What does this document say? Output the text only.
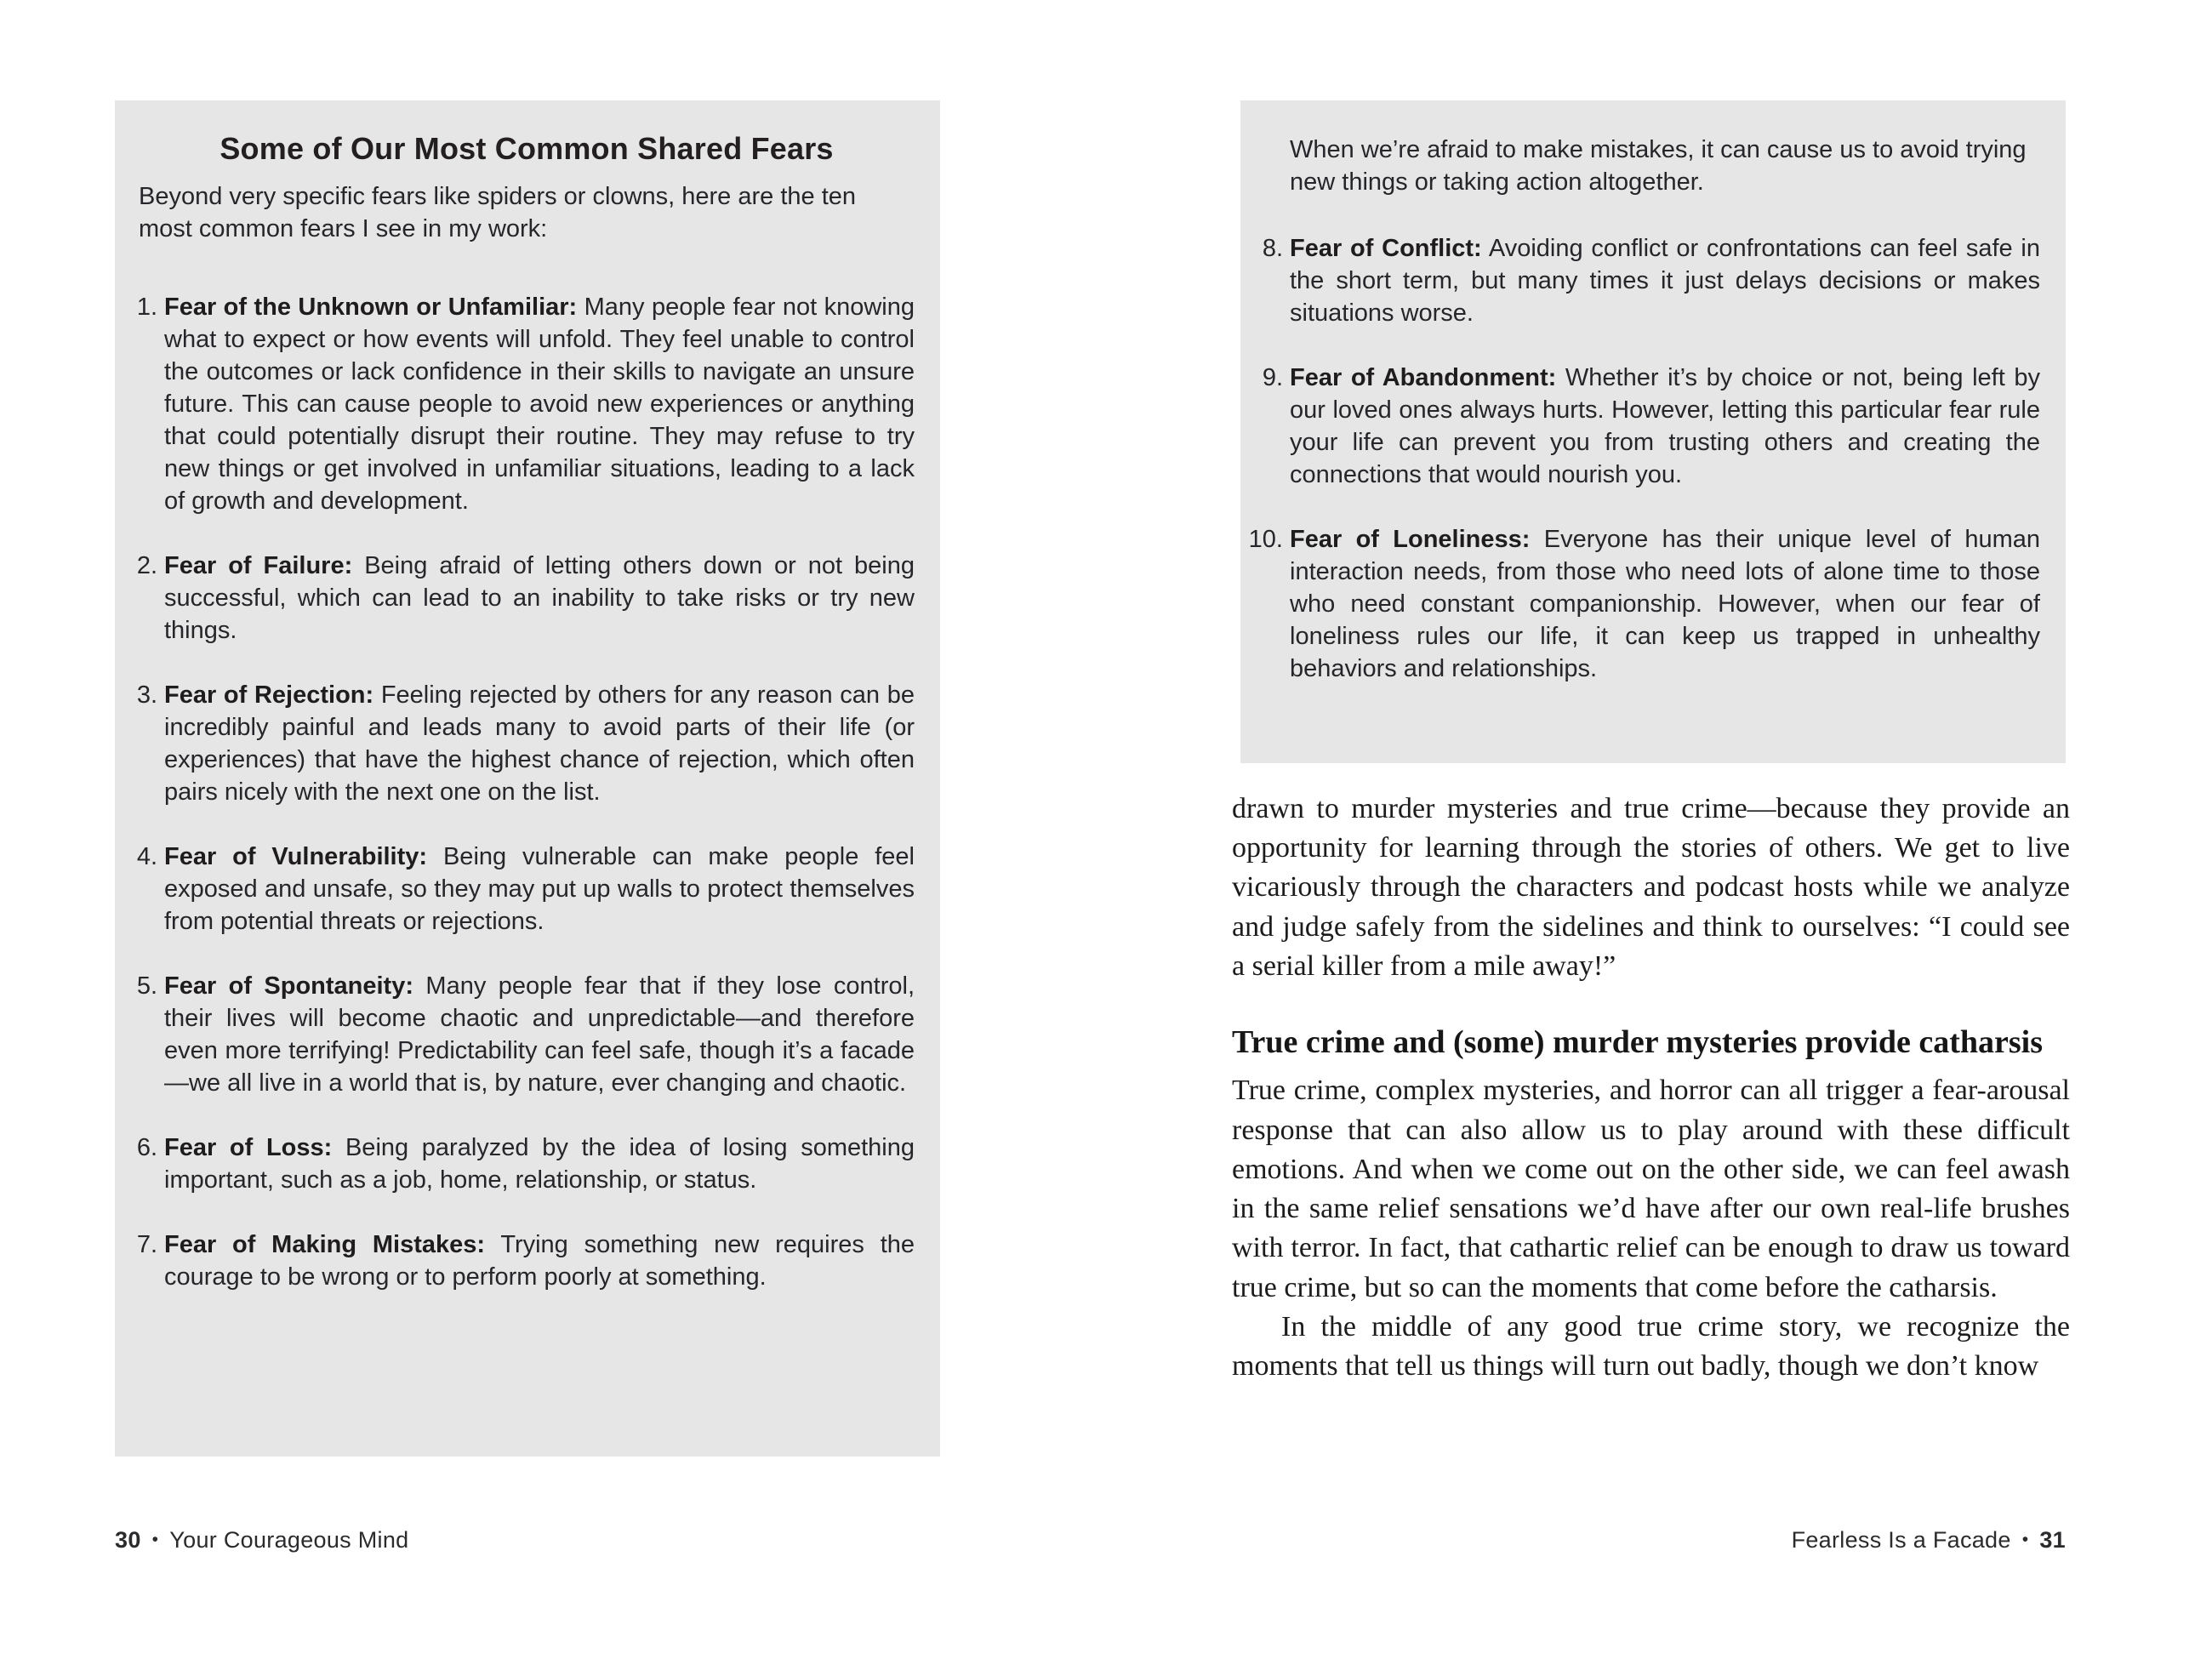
Some of Our Most Common Shared Fears

Beyond very specific fears like spiders or clowns, here are the ten most common fears I see in my work:

1. Fear of the Unknown or Unfamiliar: Many people fear not knowing what to expect or how events will unfold. They feel unable to control the outcomes or lack confidence in their skills to navigate an unsure future. This can cause people to avoid new experiences or anything that could potentially disrupt their routine. They may refuse to try new things or get involved in unfamiliar situations, leading to a lack of growth and development.
2. Fear of Failure: Being afraid of letting others down or not being successful, which can lead to an inability to take risks or try new things.
3. Fear of Rejection: Feeling rejected by others for any reason can be incredibly painful and leads many to avoid parts of their life (or experiences) that have the highest chance of rejection, which often pairs nicely with the next one on the list.
4. Fear of Vulnerability: Being vulnerable can make people feel exposed and unsafe, so they may put up walls to protect themselves from potential threats or rejections.
5. Fear of Spontaneity: Many people fear that if they lose control, their lives will become chaotic and unpredictable—and therefore even more terrifying! Predictability can feel safe, though it’s a facade—we all live in a world that is, by nature, ever changing and chaotic.
6. Fear of Loss: Being paralyzed by the idea of losing something important, such as a job, home, relationship, or status.
7. Fear of Making Mistakes: Trying something new requires the courage to be wrong or to perform poorly at something.
30 • Your Courageous Mind

When we’re afraid to make mistakes, it can cause us to avoid trying new things or taking action altogether.

8. Fear of Conflict: Avoiding conflict or confrontations can feel safe in the short term, but many times it just delays decisions or makes situations worse.
9. Fear of Abandonment: Whether it’s by choice or not, being left by our loved ones always hurts. However, letting this particular fear rule your life can prevent you from trusting others and creating the connections that would nourish you.
10. Fear of Loneliness: Everyone has their unique level of human interaction needs, from those who need lots of alone time to those who need constant companionship. However, when our fear of loneliness rules our life, it can keep us trapped in unhealthy behaviors and relationships.

drawn to murder mysteries and true crime—because they provide an opportunity for learning through the stories of others. We get to live vicariously through the characters and podcast hosts while we analyze and judge safely from the sidelines and think to ourselves: “I could see a serial killer from a mile away!”

True crime and (some) murder mysteries provide catharsis

True crime, complex mysteries, and horror can all trigger a fear-arousal response that can also allow us to play around with these difficult emotions. And when we come out on the other side, we can feel awash in the same relief sensations we’d have after our own real-life brushes with terror. In fact, that cathartic relief can be enough to draw us toward true crime, but so can the moments that come before the catharsis.

In the middle of any good true crime story, we recognize the moments that tell us things will turn out badly, though we don’t know

Fearless Is a Facade • 31
